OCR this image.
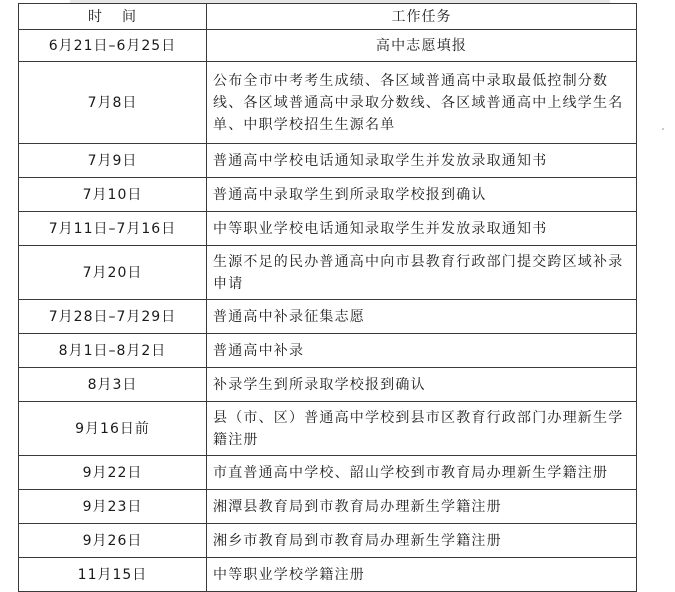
时间	工作任务
6月21日–6月25日	高中志愿填报
7月8日	公布全市中考考生成绩、各区域普通高中录取最低控制分数线、各区域普通高中录取分数线、各区域普通高中上线学生名单、中职学校招生生源名单
7月9日	普通高中学校电话通知录取学生并发放录取通知书
7月10日	普通高中录取学生到所录取学校报到确认
7月11日–7月16日	中等职业学校电话通知录取学生并发放录取通知书
7月20日	生源不足的民办普通高中向市县教育行政部门提交跨区域补录申请
7月28日–7月29日	普通高中补录征集志愿
8月1日–8月2日	普通高中补录
8月3日	补录学生到所录取学校报到确认
9月16日前	县（市、区）普通高中学校到县市区教育行政部门办理新生学籍注册
9月22日	市直普通高中学校、韶山学校到市教育局办理新生学籍注册
9月23日	湘潭县教育局到市教育局办理新生学籍注册
9月26日	湘乡市教育局到市教育局办理新生学籍注册
11月15日	中等职业学校学籍注册
